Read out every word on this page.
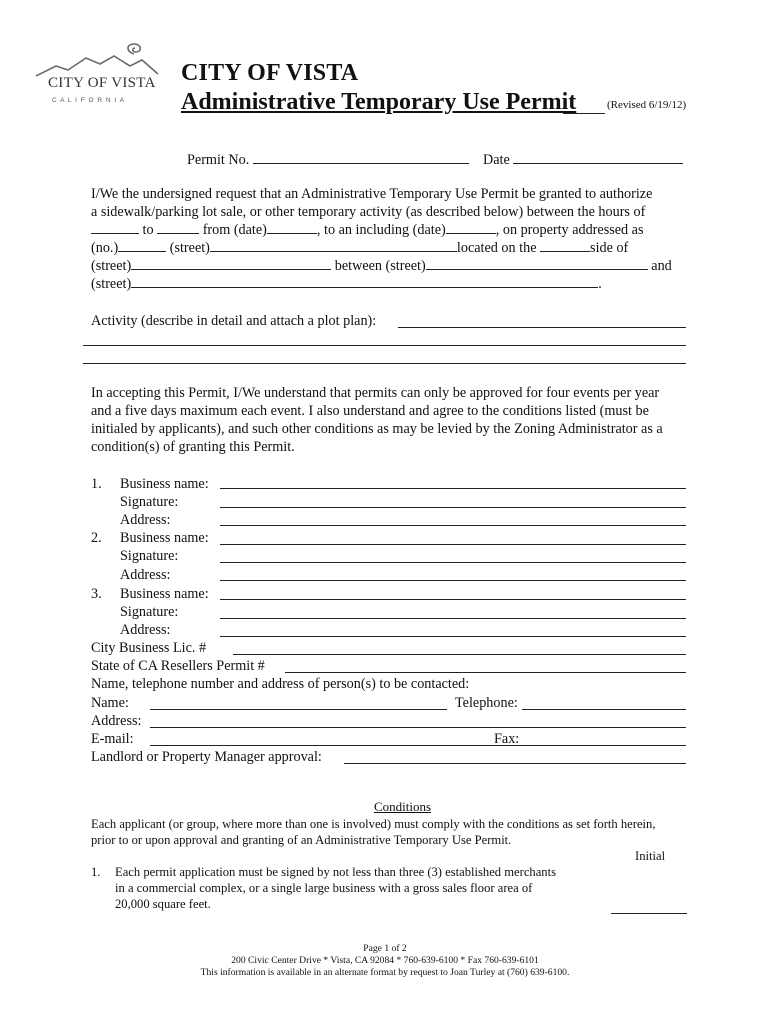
CITY OF VISTA
C A L I F O R N I A
CITY OF VISTA
Administrative Temporary Use Permit	(Revised 6/19/12)
Permit No.	Date
I/We the undersigned request that an Administrative Temporary Use Permit be granted to authorize
a sidewalk/parking lot sale, or other temporary activity (as described below) between the hours of
to	from (date)	, to an including (date)	, on property addressed as
(no.)	(street)	located on the	side of
(street)	between (street)	and
(street)	.
Activity (describe in detail and attach a plot plan):
In accepting this Permit, I/We understand that permits can only be approved for four events per year
and a five days maximum each event. I also understand and agree to the conditions listed (must be
initialed by applicants), and such other conditions as may be levied by the Zoning Administrator as a
condition(s) of granting this Permit.
1. Business name:
Signature:
Address:
2. Business name:
Signature:
Address:
3. Business name:
Signature:
Address:
City Business Lic. #
State of CA Resellers Permit #
Name, telephone number and address of person(s) to be contacted:
Name:	Telephone:
Address:
E-mail:	Fax:
Landlord or Property Manager approval:
Conditions
Each applicant (or group, where more than one is involved) must comply with the conditions as set forth herein,
prior to or upon approval and granting of an Administrative Temporary Use Permit.
Initial
1. Each permit application must be signed by not less than three (3) established merchants
in a commercial complex, or a single large business with a gross sales floor area of
20,000 square feet.
Page 1 of 2
200 Civic Center Drive * Vista, CA 92084 * 760-639-6100 * Fax 760-639-6101
This information is available in an alternate format by request to Joan Turley at (760) 639-6100.
